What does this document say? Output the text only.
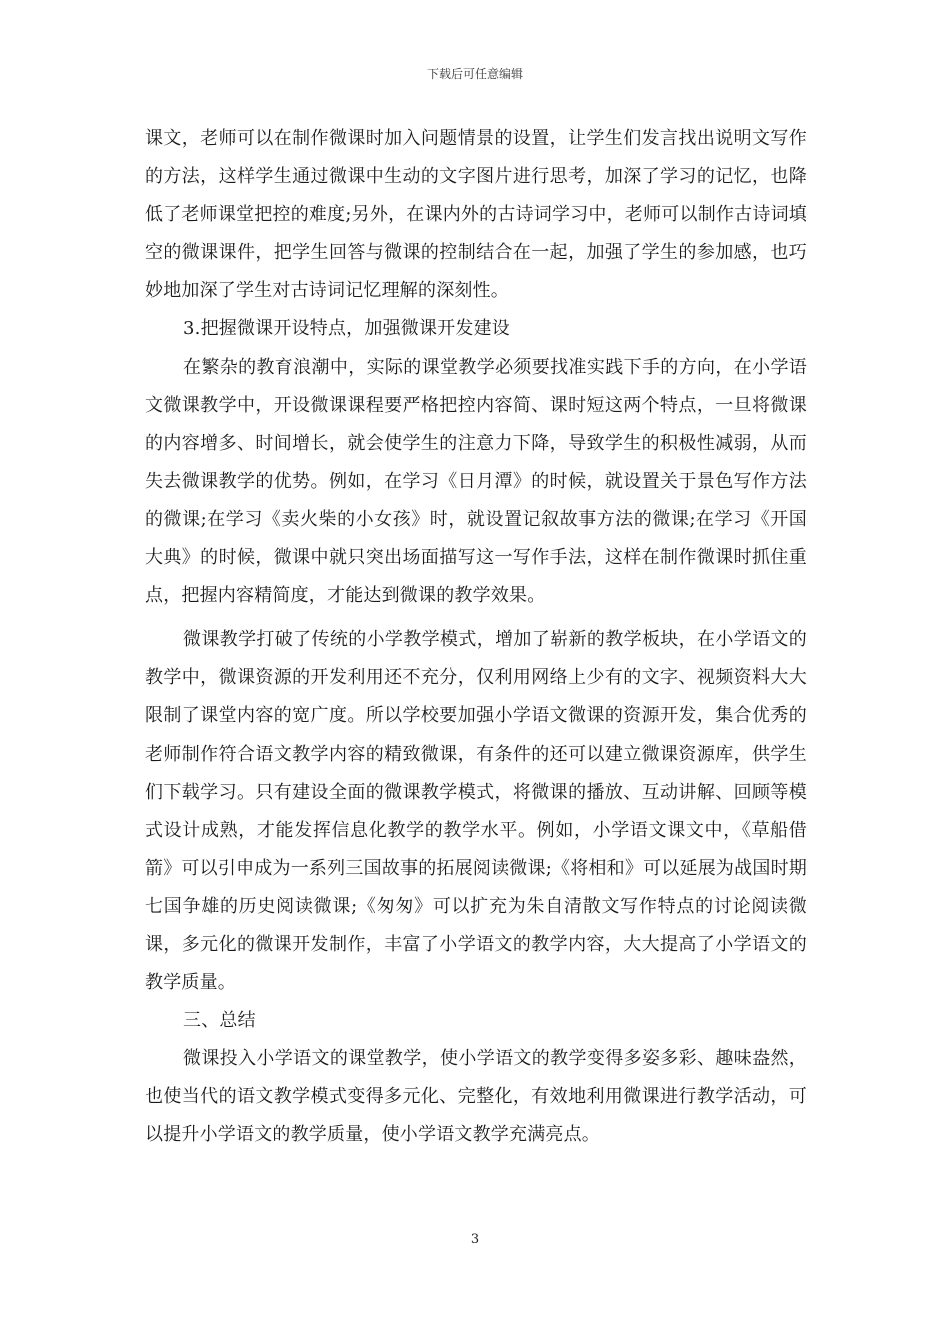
下载后可任意编辑

课文，老师可以在制作微课时加入问题情景的设置，让学生们发言找出说明文写作的方法，这样学生通过微课中生动的文字图片进行思考，加深了学习的记忆，也降低了老师课堂把控的难度;另外，在课内外的古诗词学习中，老师可以制作古诗词填空的微课课件，把学生回答与微课的控制结合在一起，加强了学生的参加感，也巧妙地加深了学生对古诗词记忆理解的深刻性。

3.把握微课开设特点，加强微课开发建设

在繁杂的教育浪潮中，实际的课堂教学必须要找准实践下手的方向，在小学语文微课教学中，开设微课课程要严格把控内容简、课时短这两个特点，一旦将微课的内容增多、时间增长，就会使学生的注意力下降，导致学生的积极性减弱，从而失去微课教学的优势。例如，在学习《日月潭》的时候，就设置关于景色写作方法的微课;在学习《卖火柴的小女孩》时，就设置记叙故事方法的微课;在学习《开国大典》的时候，微课中就只突出场面描写这一写作手法，这样在制作微课时抓住重点，把握内容精简度，才能达到微课的教学效果。

微课教学打破了传统的小学教学模式，增加了崭新的教学板块，在小学语文的教学中，微课资源的开发利用还不充分，仅利用网络上少有的文字、视频资料大大限制了课堂内容的宽广度。所以学校要加强小学语文微课的资源开发，集合优秀的老师制作符合语文教学内容的精致微课，有条件的还可以建立微课资源库，供学生们下载学习。只有建设全面的微课教学模式，将微课的播放、互动讲解、回顾等模式设计成熟，才能发挥信息化教学的教学水平。例如，小学语文课文中，《草船借箭》可以引申成为一系列三国故事的拓展阅读微课;《将相和》可以延展为战国时期七国争雄的历史阅读微课;《匆匆》可以扩充为朱自清散文写作特点的讨论阅读微课，多元化的微课开发制作，丰富了小学语文的教学内容，大大提高了小学语文的教学质量。

三、总结

微课投入小学语文的课堂教学，使小学语文的教学变得多姿多彩、趣味盎然，也使当代的语文教学模式变得多元化、完整化，有效地利用微课进行教学活动，可以提升小学语文的教学质量，使小学语文教学充满亮点。

3
